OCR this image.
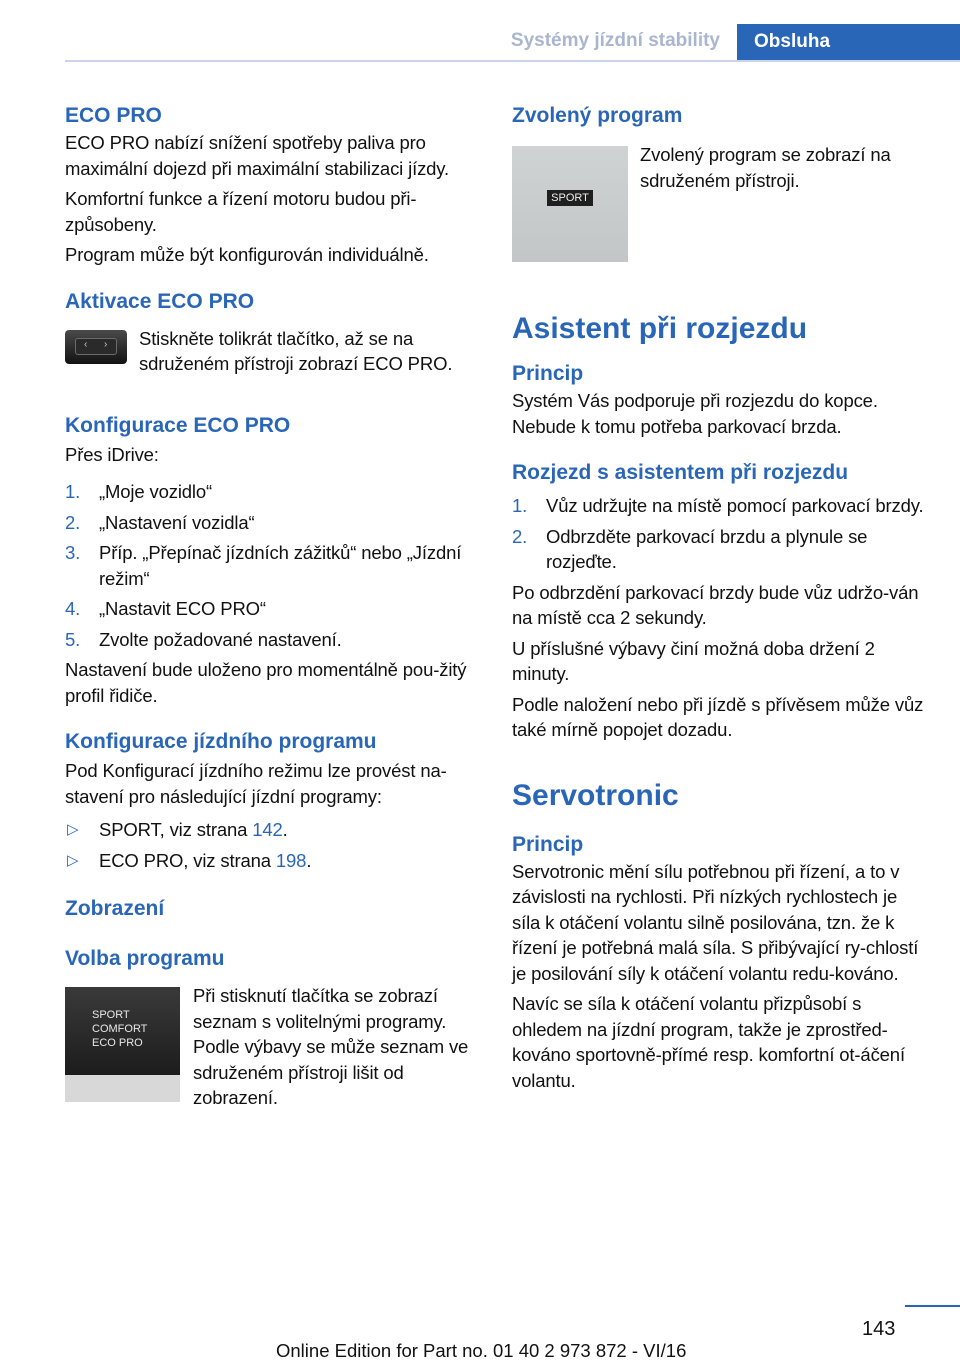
Systémy jízdní stability	Obsluha
ECO PRO
ECO PRO nabízí snížení spotřeby paliva pro maximální dojezd při maximální stabilizaci jízdy.
Komfortní funkce a řízení motoru budou při-způsobeny.
Program může být konfigurován individuálně.
Aktivace ECO PRO
‹ › Stiskněte tolikrát tlačítko, až se na sdruženém přístroji zobrazí ECO PRO.
Konfigurace ECO PRO
Přes iDrive:
1. „Moje vozidlo“
2. „Nastavení vozidla“
3. Příp. „Přepínač jízdních zážitků“ nebo „Jízdní režim“
4. „Nastavit ECO PRO“
5. Zvolte požadované nastavení.
Nastavení bude uloženo pro momentálně pou-žitý profil řidiče.
Konfigurace jízdního programu
Pod Konfigurací jízdního režimu lze provést na-stavení pro následující jízdní programy:
▷ SPORT, viz strana 142.
▷ ECO PRO, viz strana 198.
Zobrazení
Volba programu
SPORT
COMFORT
ECO PRO
Při stisknutí tlačítka se zobrazí seznam s volitelnými programy. Podle výbavy se může seznam ve sdruženém přístroji lišit od zobrazení.
Zvolený program
SPORT
Zvolený program se zobrazí na sdruženém přístroji.
Asistent při rozjezdu
Princip
Systém Vás podporuje při rozjezdu do kopce. Nebude k tomu potřeba parkovací brzda.
Rozjezd s asistentem při rozjezdu
1. Vůz udržujte na místě pomocí parkovací brzdy.
2. Odbrzděte parkovací brzdu a plynule se rozjeďte.
Po odbrzdění parkovací brzdy bude vůz udržo-ván na místě cca 2 sekundy.
U příslušné výbavy činí možná doba držení 2 minuty.
Podle naložení nebo při jízdě s přívěsem může vůz také mírně popojet dozadu.
Servotronic
Princip
Servotronic mění sílu potřebnou při řízení, a to v závislosti na rychlosti. Při nízkých rychlostech je síla k otáčení volantu silně posilována, tzn. že k řízení je potřebná malá síla. S přibývající ry-chlostí je posilování síly k otáčení volantu redu-kováno.
Navíc se síla k otáčení volantu přizpůsobí s ohledem na jízdní program, takže je zprostřed-kováno sportovně-přímé resp. komfortní ot-áčení volantu.
143
Online Edition for Part no. 01 40 2 973 872 - VI/16
